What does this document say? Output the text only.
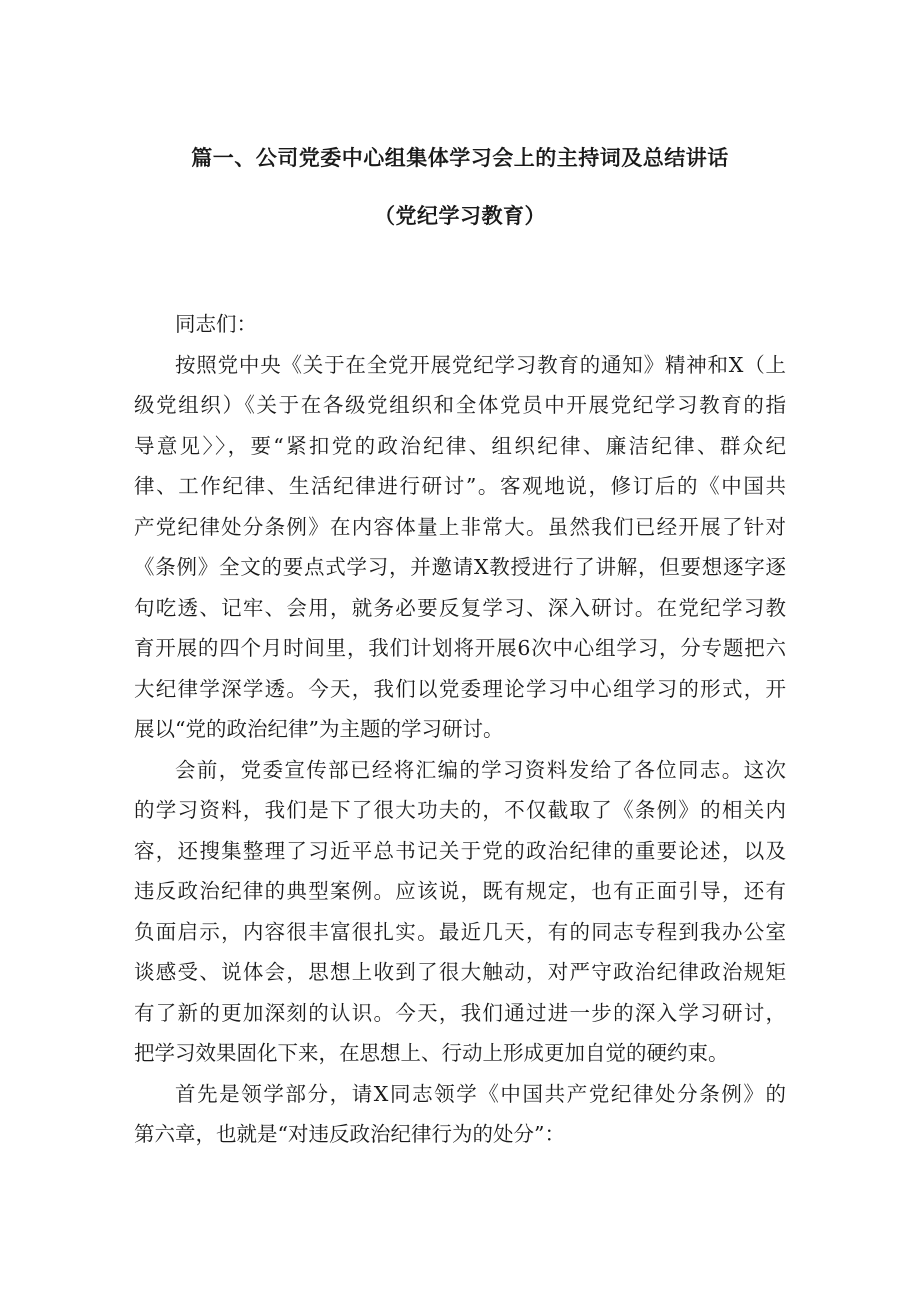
篇一、公司党委中心组集体学习会上的主持词及总结讲话
（党纪学习教育）
同志们：
按照党中央《关于在全党开展党纪学习教育的通知》精神和X（上
级党组织）《关于在各级党组织和全体党员中开展党纪学习教育的指
导意见〉〉，要“紧扣党的政治纪律、组织纪律、廉洁纪律、群众纪
律、工作纪律、生活纪律进行研讨”。客观地说，修订后的《中国共
产党纪律处分条例》在内容体量上非常大。虽然我们已经开展了针对
《条例》全文的要点式学习，并邀请X教授进行了讲解，但要想逐字逐
句吃透、记牢、会用，就务必要反复学习、深入研讨。在党纪学习教
育开展的四个月时间里，我们计划将开展6次中心组学习，分专题把六
大纪律学深学透。今天，我们以党委理论学习中心组学习的形式，开
展以“党的政治纪律”为主题的学习研讨。
会前，党委宣传部已经将汇编的学习资料发给了各位同志。这次
的学习资料，我们是下了很大功夫的，不仅截取了《条例》的相关内
容，还搜集整理了习近平总书记关于党的政治纪律的重要论述，以及
违反政治纪律的典型案例。应该说，既有规定，也有正面引导，还有
负面启示，内容很丰富很扎实。最近几天，有的同志专程到我办公室
谈感受、说体会，思想上收到了很大触动，对严守政治纪律政治规矩
有了新的更加深刻的认识。今天，我们通过进一步的深入学习研讨，
把学习效果固化下来，在思想上、行动上形成更加自觉的硬约束。
首先是领学部分，请X同志领学《中国共产党纪律处分条例》的
第六章，也就是“对违反政治纪律行为的处分”：
